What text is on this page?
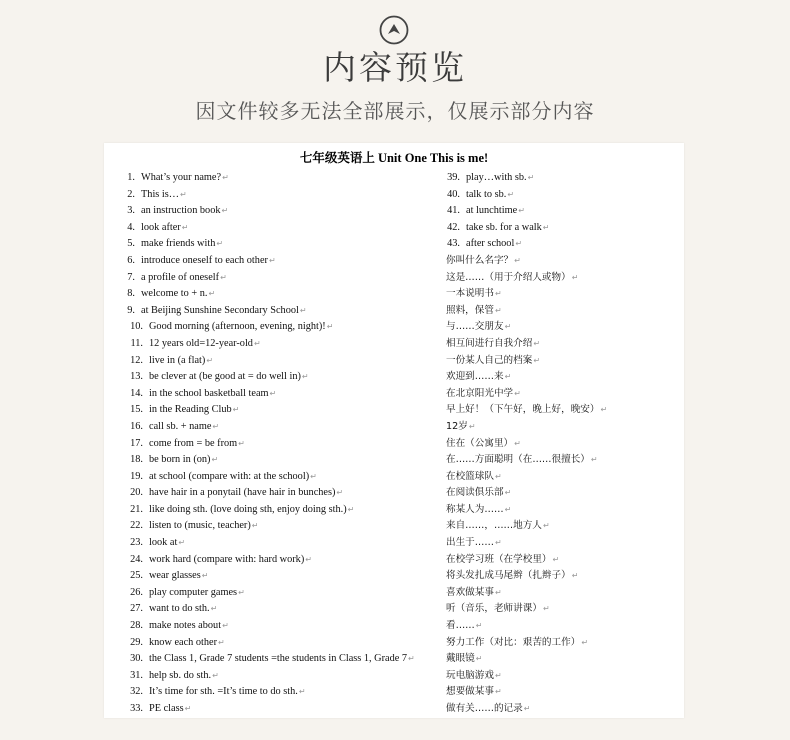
内容预览
因文件较多无法全部展示，仅展示部分内容
七年级英语上 Unit One This is me!
1. What’s your name?↵
2. This is…↵
3. an instruction book↵
4. look after↵
5. make friends with↵
6. introduce oneself to each other↵
7. a profile of oneself↵
8. welcome to + n.↵
9. at Beijing Sunshine Secondary School↵
10. Good morning (afternoon, evening, night)!↵
11. 12 years old=12-year-old↵
12. live in (a flat)↵
13. be clever at (be good at = do well in)↵
14. in the school basketball team↵
15. in the Reading Club↵
16. call sb. + name↵
17. come from = be from↵
18. be born in (on)↵
19. at school (compare with: at the school)↵
20. have hair in a ponytail (have hair in bunches)↵
21. like doing sth. (love doing sth, enjoy doing sth.)↵
22. listen to (music, teacher)↵
23. look at↵
24. work hard (compare with: hard work)↵
25. wear glasses↵
26. play computer games↵
27. want to do sth.↵
28. make notes about↵
29. know each other↵
30. the Class 1, Grade 7 students =the students in Class 1, Grade 7↵
31. help sb. do sth.↵
32. It’s time for sth. =It’s time to do sth.↵
33. PE class↵
39. play…with sb.↵
40. talk to sb.↵
41. at lunchtime↵
42. take sb. for a walk↵
43. after school↵
你叫什么名字？↵
这是……（用于介绍人或物）↵
一本说明书↵
照料，保管↵
与……交朋友↵
相互间进行自我介绍↵
一份某人自己的档案↵
欢迎到……来↵
在北京阳光中学↵
早上好！（下午好，晚上好，晚安）↵
12岁↵
住在（公寓里）↵
在……方面聪明（在……很擅长）↵
在校篮球队↵
在阅读俱乐部↵
称某人为……↵
来自……，……地方人↵
出生于……↵
在校学习班（在学校里）↵
将头发扎成马尾辫（扎辫子）↵
喜欢做某事↵
听（音乐，老师讲课）↵
看……↵
努力工作（对比：艰苦的工作）↵
戴眼镜↵
玩电脑游戏↵
想要做某事↵
做有关……的记录↵
